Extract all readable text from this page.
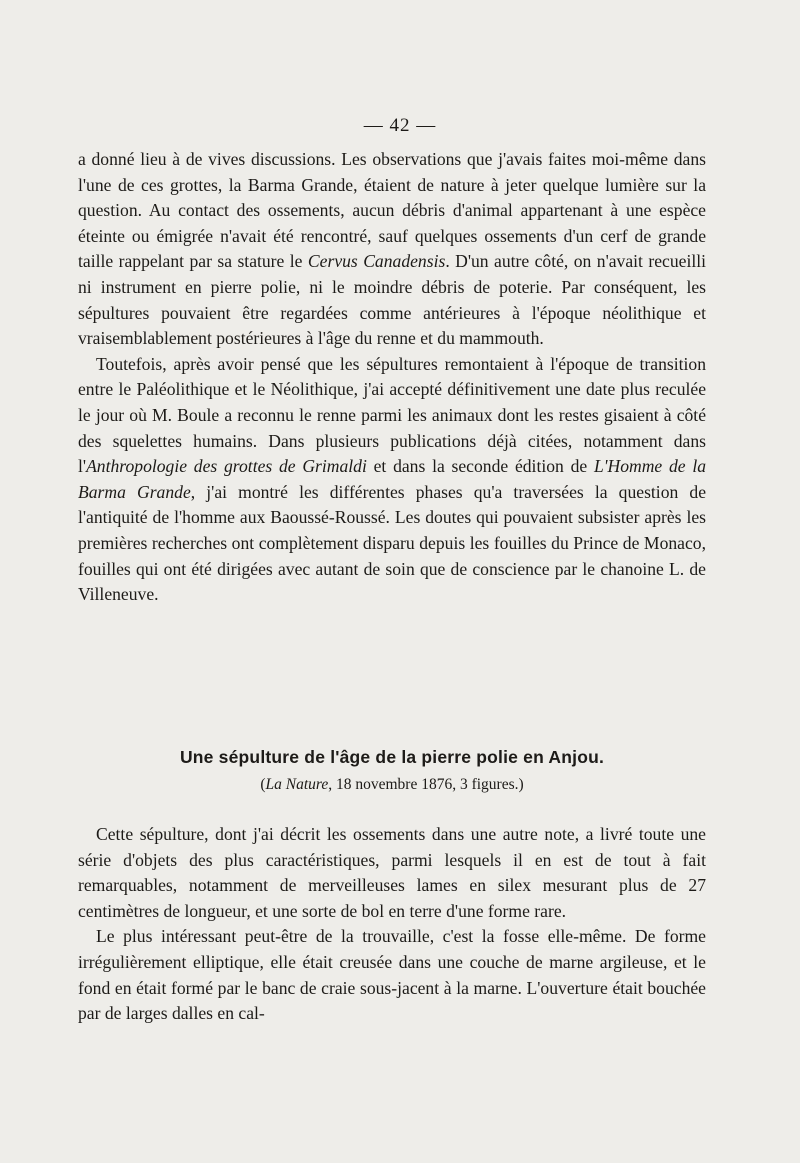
— 42 —

a donné lieu à de vives discussions. Les observations que j'avais faites moi-même dans l'une de ces grottes, la Barma Grande, étaient de nature à jeter quelque lumière sur la question. Au contact des ossements, aucun débris d'animal appartenant à une espèce éteinte ou émigrée n'avait été rencontré, sauf quelques ossements d'un cerf de grande taille rappelant par sa stature le Cervus Canadensis. D'un autre côté, on n'avait recueilli ni instrument en pierre polie, ni le moindre débris de poterie. Par conséquent, les sépultures pouvaient être regardées comme antérieures à l'époque néolithique et vraisemblablement postérieures à l'âge du renne et du mammouth.

Toutefois, après avoir pensé que les sépultures remontaient à l'époque de transition entre le Paléolithique et le Néolithique, j'ai accepté définitivement une date plus reculée le jour où M. Boule a reconnu le renne parmi les animaux dont les restes gisaient à côté des squelettes humains. Dans plusieurs publications déjà citées, notamment dans l'Anthropologie des grottes de Grimaldi et dans la seconde édition de L'Homme de la Barma Grande, j'ai montré les différentes phases qu'a traversées la question de l'antiquité de l'homme aux Baoussé-Roussé. Les doutes qui pouvaient subsister après les premières recherches ont complètement disparu depuis les fouilles du Prince de Monaco, fouilles qui ont été dirigées avec autant de soin que de conscience par le chanoine L. de Villeneuve.

Une sépulture de l'âge de la pierre polie en Anjou.
(La Nature, 18 novembre 1876, 3 figures.)

Cette sépulture, dont j'ai décrit les ossements dans une autre note, a livré toute une série d'objets des plus caractéristiques, parmi lesquels il en est de tout à fait remarquables, notamment de merveilleuses lames en silex mesurant plus de 27 centimètres de longueur, et une sorte de bol en terre d'une forme rare.

Le plus intéressant peut-être de la trouvaille, c'est la fosse elle-même. De forme irrégulièrement elliptique, elle était creusée dans une couche de marne argileuse, et le fond en était formé par le banc de craie sous-jacent à la marne. L'ouverture était bouchée par de larges dalles en cal-
